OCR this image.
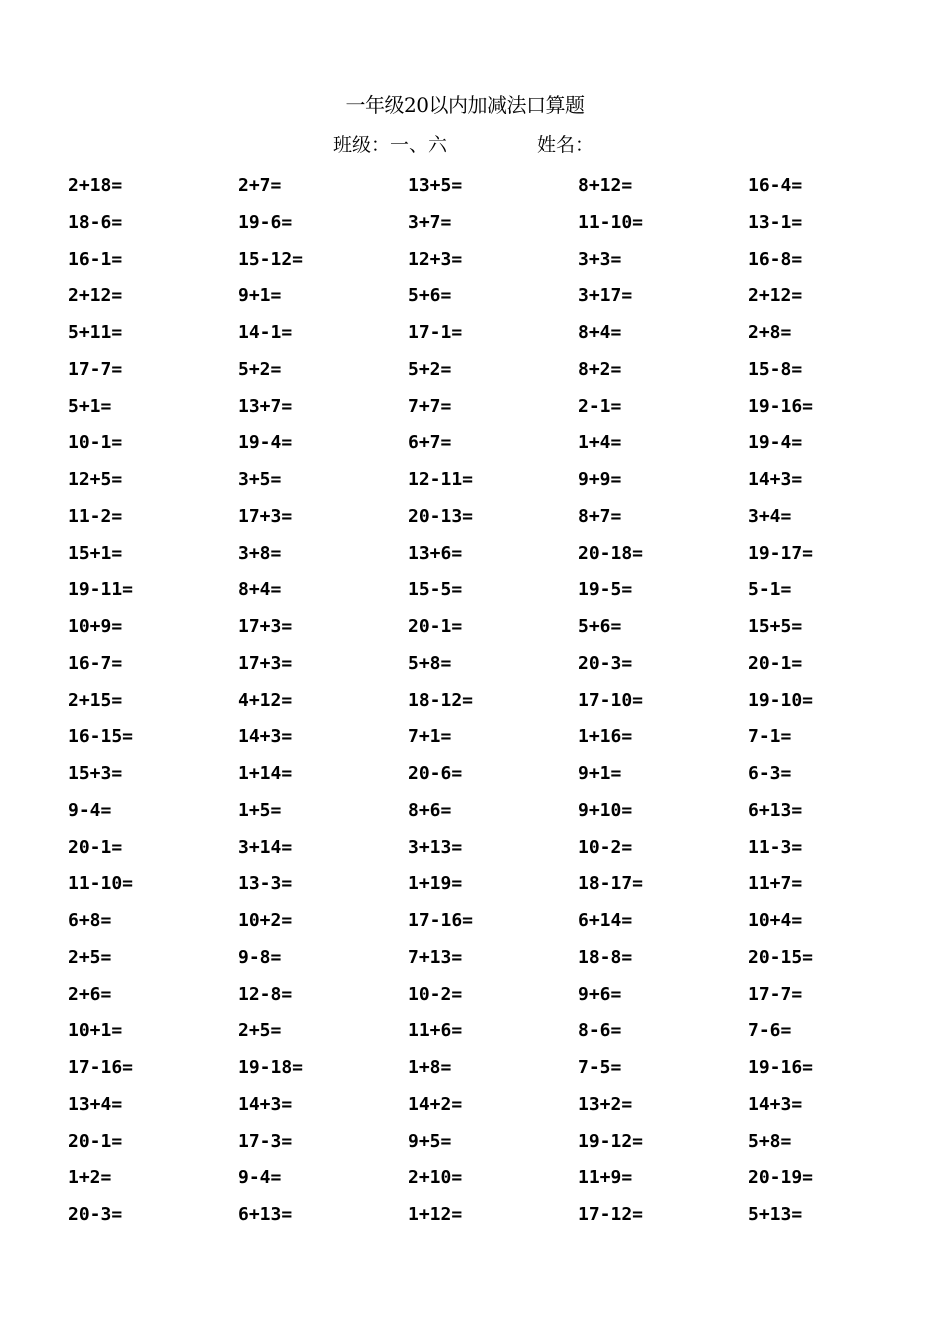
一年级20以内加减法口算题
班级：一、六	姓名：
2+18=	2+7=	13+5=	8+12=	16-4=
18-6=	19-6=	3+7=	11-10=	13-1=
16-1=	15-12=	12+3=	3+3=	16-8=
2+12=	9+1=	5+6=	3+17=	2+12=
5+11=	14-1=	17-1=	8+4=	2+8=
17-7=	5+2=	5+2=	8+2=	15-8=
5+1=	13+7=	7+7=	2-1=	19-16=
10-1=	19-4=	6+7=	1+4=	19-4=
12+5=	3+5=	12-11=	9+9=	14+3=
11-2=	17+3=	20-13=	8+7=	3+4=
15+1=	3+8=	13+6=	20-18=	19-17=
19-11=	8+4=	15-5=	19-5=	5-1=
10+9=	17+3=	20-1=	5+6=	15+5=
16-7=	17+3=	5+8=	20-3=	20-1=
2+15=	4+12=	18-12=	17-10=	19-10=
16-15=	14+3=	7+1=	1+16=	7-1=
15+3=	1+14=	20-6=	9+1=	6-3=
9-4=	1+5=	8+6=	9+10=	6+13=
20-1=	3+14=	3+13=	10-2=	11-3=
11-10=	13-3=	1+19=	18-17=	11+7=
6+8=	10+2=	17-16=	6+14=	10+4=
2+5=	9-8=	7+13=	18-8=	20-15=
2+6=	12-8=	10-2=	9+6=	17-7=
10+1=	2+5=	11+6=	8-6=	7-6=
17-16=	19-18=	1+8=	7-5=	19-16=
13+4=	14+3=	14+2=	13+2=	14+3=
20-1=	17-3=	9+5=	19-12=	5+8=
1+2=	9-4=	2+10=	11+9=	20-19=
20-3=	6+13=	1+12=	17-12=	5+13=
